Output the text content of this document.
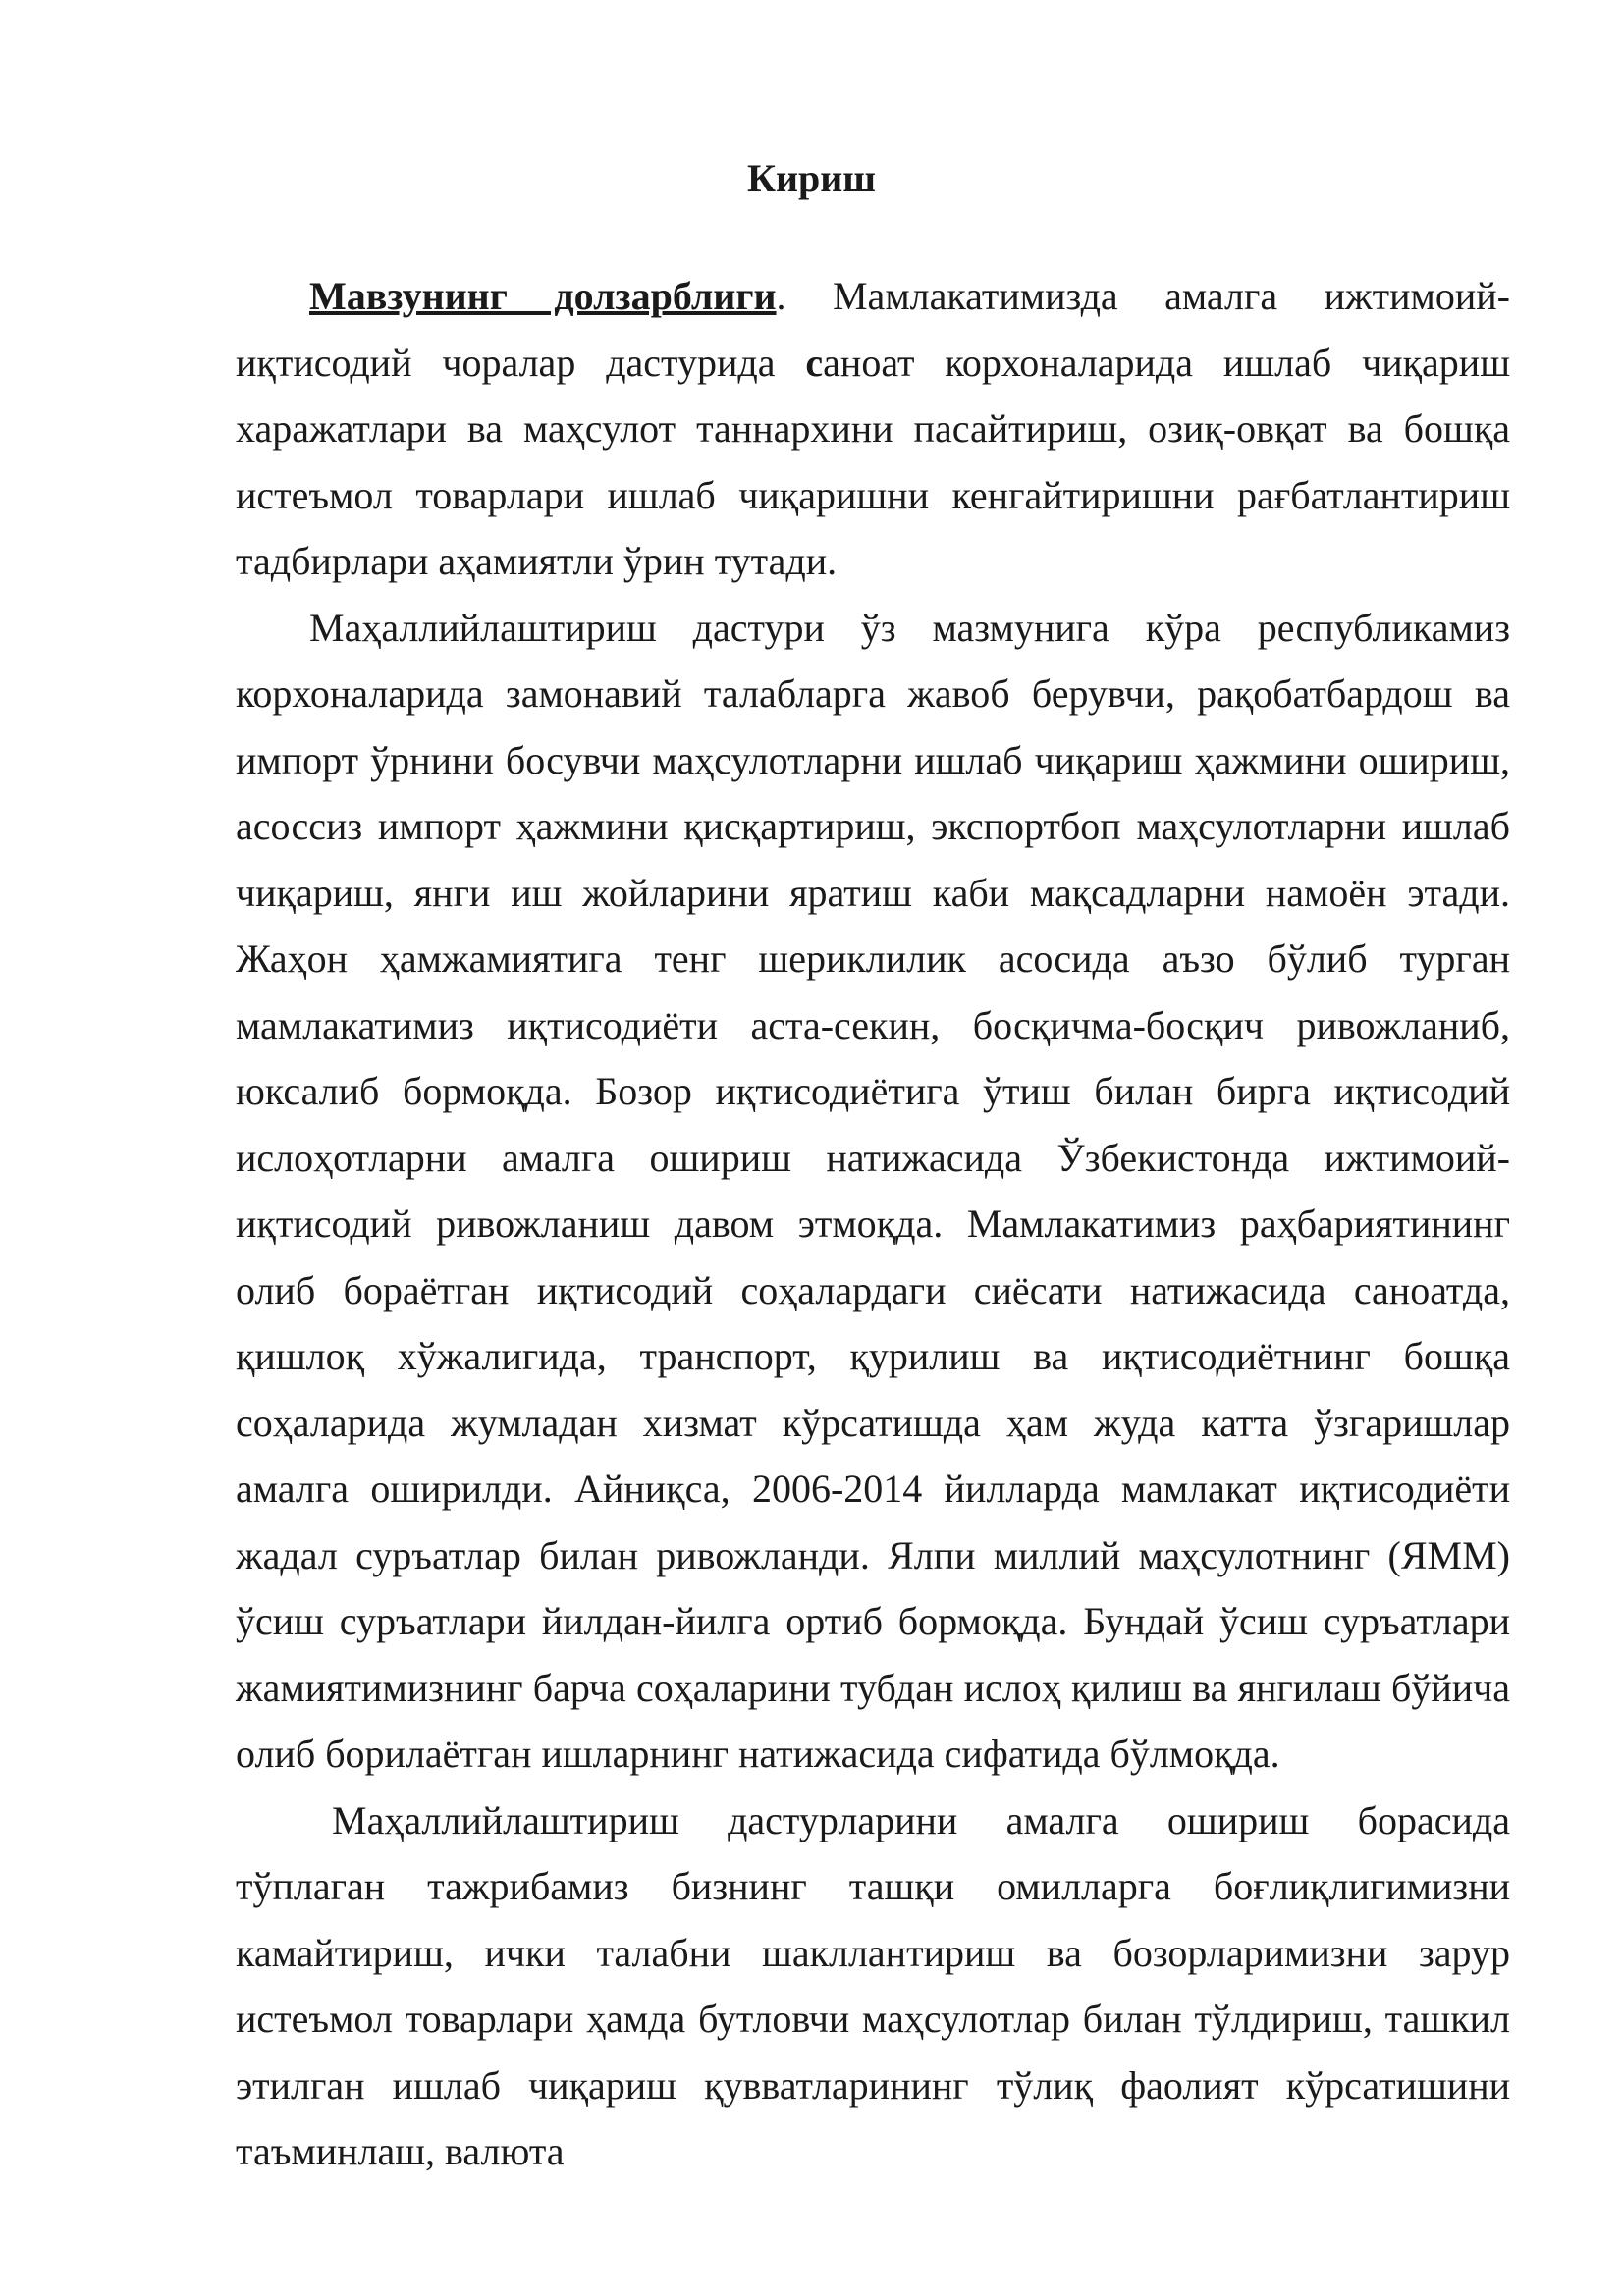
Кириш

Мавзунинг долзарблиги. Мамлакатимизда амалга ижтимоий-иқтисодий чоралар дастурида саноат корхоналарида ишлаб чиқариш харажатлари ва маҳсулот таннархини пасайтириш, озиқ-овқат ва бошқа истеъмол товарлари ишлаб чиқаришни кенгайтиришни рағбатлантириш тадбирлари аҳамиятли ўрин тутади.

Маҳаллийлаштириш дастури ўз мазмунига кўра республикамиз корхоналарида замонавий талабларга жавоб берувчи, рақобатбардош ва импорт ўрнини босувчи маҳсулотларни ишлаб чиқариш ҳажмини ошириш, асоссиз импорт ҳажмини қисқартириш, экспортбоп маҳсулотларни ишлаб чиқариш, янги иш жойларини яратиш каби мақсадларни намоён этади. Жаҳон ҳамжамиятига тенг шериклилик асосида аъзо бўлиб турган мамлакатимиз иқтисодиёти аста-секин, босқичма-босқич ривожланиб, юксалиб бормоқда. Бозор иқтисодиётига ўтиш билан бирга иқтисодий ислоҳотларни амалга ошириш натижасида Ўзбекистонда ижтимоий-иқтисодий ривожланиш давом этмоқда. Мамлакатимиз раҳбариятининг олиб бораётган иқтисодий соҳалардаги сиёсати натижасида саноатда, қишлоқ хўжалигида, транспорт, қурилиш ва иқтисодиётнинг бошқа соҳаларида жумладан хизмат кўрсатишда ҳам жуда катта ўзгаришлар амалга оширилди. Айниқса, 2006-2014 йилларда мамлакат иқтисодиёти жадал суръатлар билан ривожланди. Ялпи миллий маҳсулотнинг (ЯММ) ўсиш суръатлари йилдан-йилга ортиб бормоқда. Бундай ўсиш суръатлари жамиятимизнинг барча соҳаларини тубдан ислоҳ қилиш ва янгилаш бўйича олиб борилаётган ишларнинг натижасида сифатида бўлмоқда.

Маҳаллийлаштириш дастурларини амалга ошириш борасида тўплаган тажрибамиз бизнинг ташқи омилларга боғлиқлигимизни камайтириш, ички талабни шакллантириш ва бозорларимизни зарур истеъмол товарлари ҳамда бутловчи маҳсулотлар билан тўлдириш, ташкил этилган ишлаб чиқариш қувватларининг тўлиқ фаолият кўрсатишини таъминлаш, валюта
